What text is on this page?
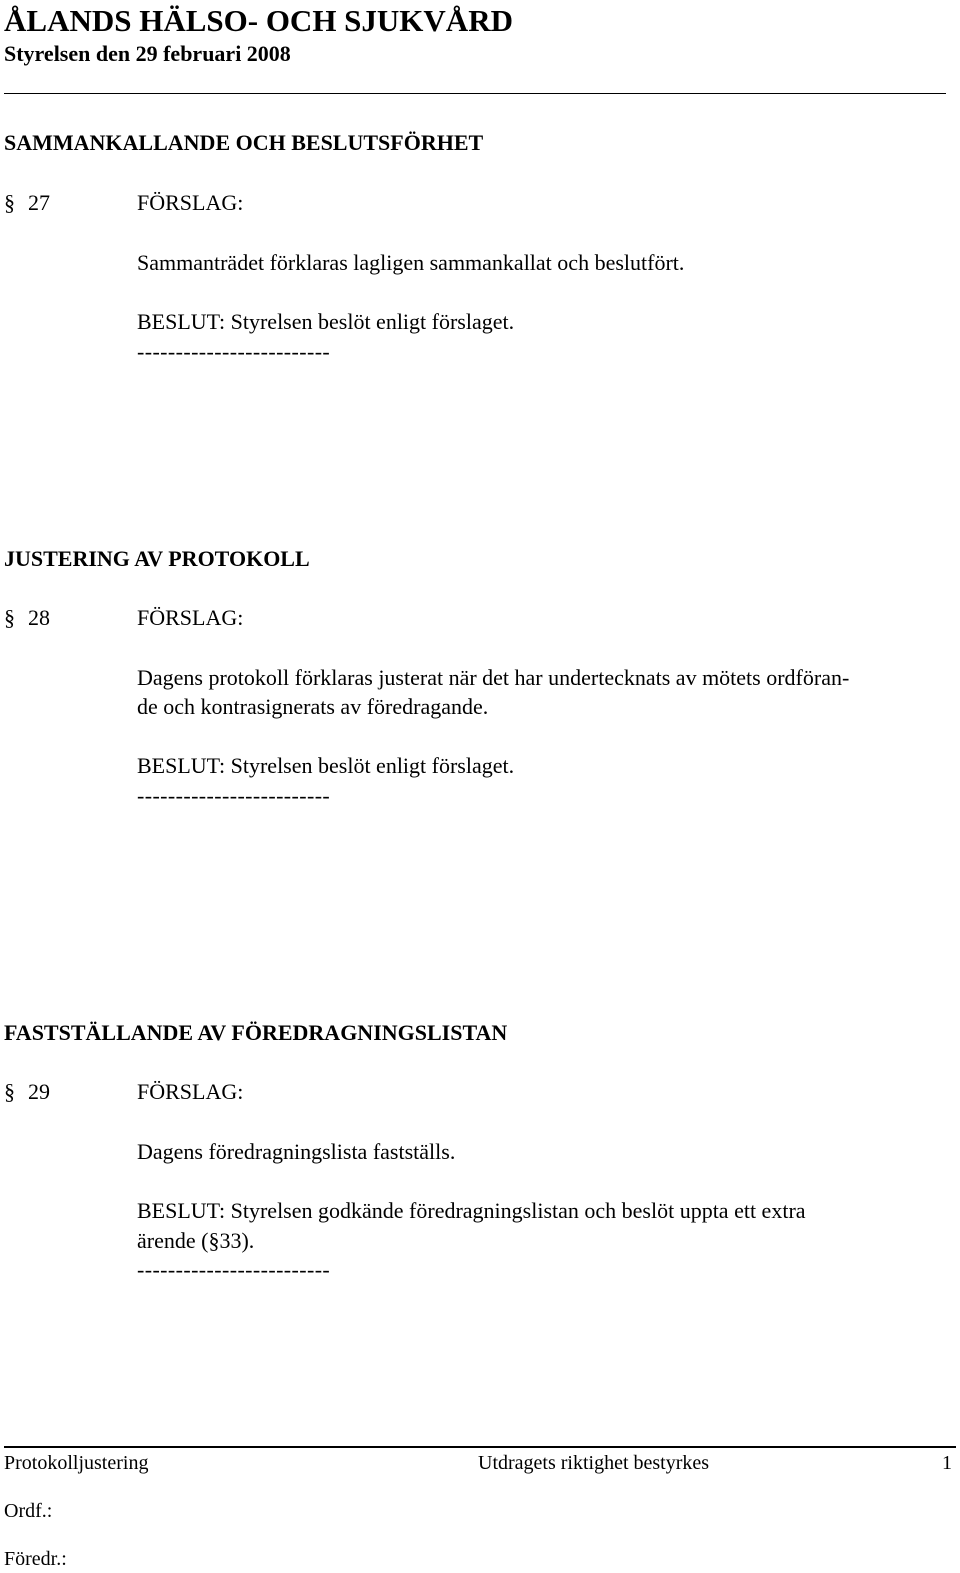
ÅLANDS HÄLSO- OCH SJUKVÅRD
Styrelsen den 29 februari 2008
SAMMANKALLANDE OCH BESLUTSFÖRHET
§ 27	FÖRSLAG:
Sammanträdet förklaras lagligen sammankallat och beslutfört.
BESLUT: Styrelsen beslöt enligt förslaget.
-------------------------
JUSTERING AV PROTOKOLL
§ 28	FÖRSLAG:
Dagens protokoll förklaras justerat när det har undertecknats av mötets ordföran-
de och kontrasignerats av föredragande.
BESLUT: Styrelsen beslöt enligt förslaget.
-------------------------
FASTSTÄLLANDE AV FÖREDRAGNINGSLISTAN
§ 29	FÖRSLAG:
Dagens föredragningslista fastställs.
BESLUT: Styrelsen godkände föredragningslistan och beslöt uppta ett extra
ärende (§33).
-------------------------
Protokolljustering	Utdragets riktighet bestyrkes	1
Ordf.:
Föredr.:
